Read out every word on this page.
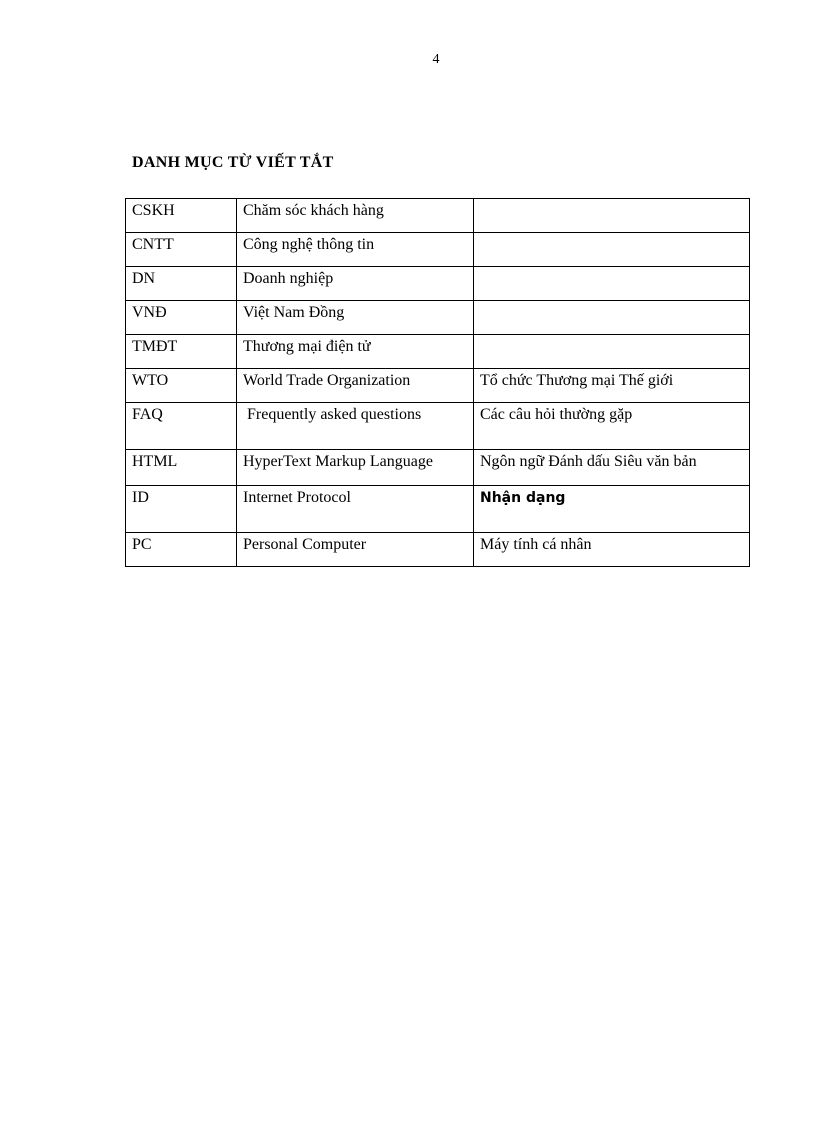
4
DANH MỤC TỪ VIẾT TẮT
CSKH	Chăm sóc khách hàng	
CNTT	Công nghệ thông tin	
DN	Doanh nghiệp	
VNĐ	Việt Nam Đồng	
TMĐT	Thương mại điện tử	
WTO	World Trade Organization	Tổ chức Thương mại Thế giới
FAQ	Frequently asked questions	Các câu hỏi thường gặp
HTML	HyperText Markup Language	Ngôn ngữ Đánh dấu Siêu văn bản
ID	Internet Protocol	Nhận dạng
PC	Personal Computer	Máy tính cá nhân
